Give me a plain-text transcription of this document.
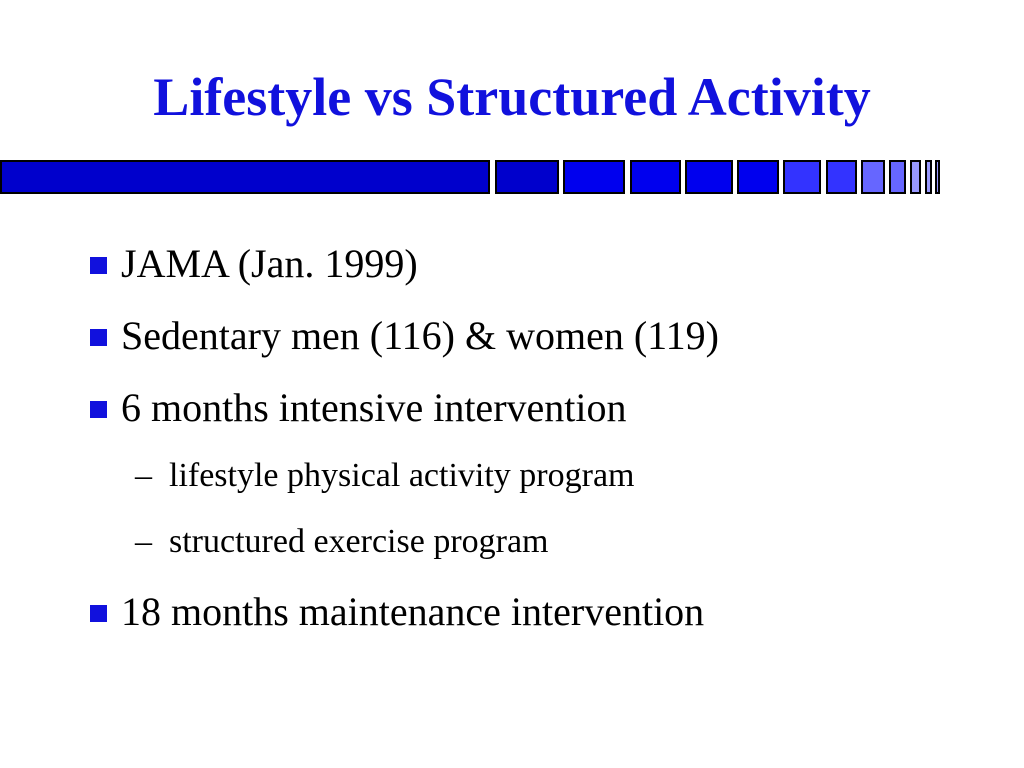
Lifestyle vs Structured Activity
JAMA (Jan. 1999)
Sedentary men (116) & women (119)
6 months intensive intervention
– lifestyle physical activity program
– structured exercise program
18 months maintenance intervention
